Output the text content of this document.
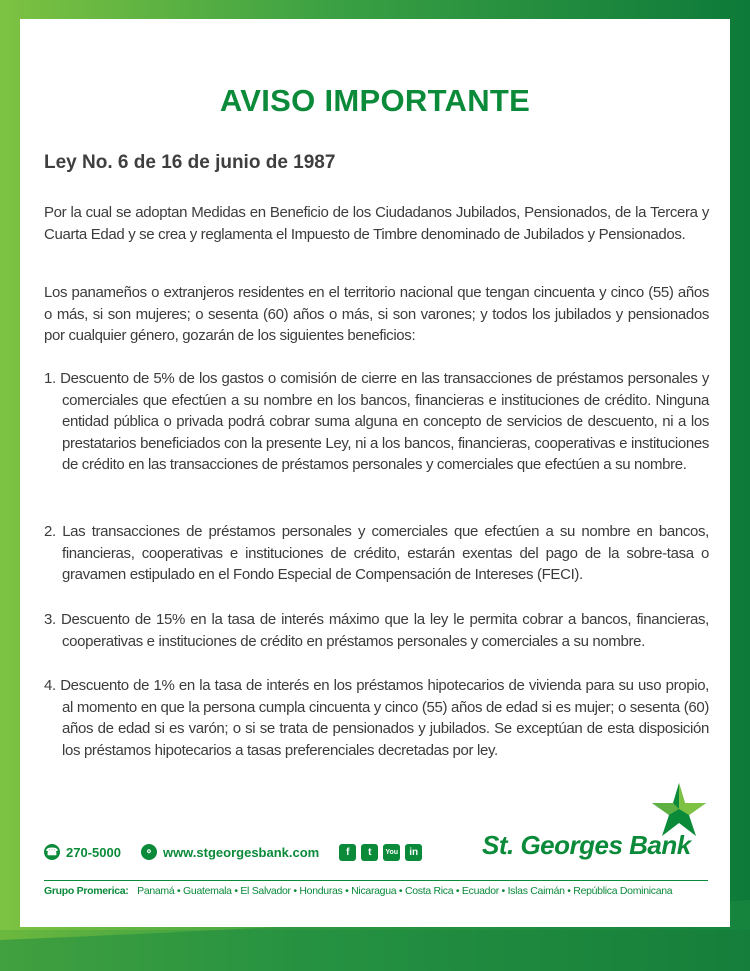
AVISO IMPORTANTE
Ley No. 6 de 16 de junio de 1987

Por la cual se adoptan Medidas en Beneficio de los Ciudadanos Jubilados, Pensionados, de la Tercera y Cuarta Edad y se crea y reglamenta el Impuesto de Timbre denominado de Jubilados y Pensionados.

Los panameños o extranjeros residentes en el territorio nacional que tengan cincuenta y cinco (55) años o más, si son mujeres; o sesenta (60) años o más, si son varones; y todos los jubilados y pensionados por cualquier género, gozarán de los siguientes beneficios:

1. Descuento de 5% de los gastos o comisión de cierre en las transacciones de préstamos personales y comerciales que efectúen a su nombre en los bancos, financieras e instituciones de crédito. Ninguna entidad pública o privada podrá cobrar suma alguna en concepto de servicios de descuento, ni a los prestatarios beneficiados con la presente Ley, ni a los bancos, financieras, cooperativas e instituciones de crédito en las transacciones de préstamos personales y comerciales que efectúen a su nombre.

2. Las transacciones de préstamos personales y comerciales que efectúen a su nombre en bancos, financieras, cooperativas e instituciones de crédito, estarán exentas del pago de la sobre-tasa o gravamen estipulado en el Fondo Especial de Compensación de Intereses (FECI).

3. Descuento de 15% en la tasa de interés máximo que la ley le permita cobrar a bancos, financieras, cooperativas e instituciones de crédito en préstamos personales y comerciales a su nombre.

4. Descuento de 1% en la tasa de interés en los préstamos hipotecarios de vivienda para su uso propio, al momento en que la persona cumpla cincuenta y cinco (55) años de edad si es mujer; o sesenta (60) años de edad si es varón; o si se trata de pensionados y jubilados. Se exceptúan de esta disposición los préstamos hipotecarios a tasas preferenciales decretadas por ley.

St. Georges Bank
☎ 270-5000	⚬ www.stgeorgesbank.com	f	t	You	in
Grupo Promerica: Panamá • Guatemala • El Salvador • Honduras • Nicaragua • Costa Rica • Ecuador • Islas Caimán • República Dominicana
